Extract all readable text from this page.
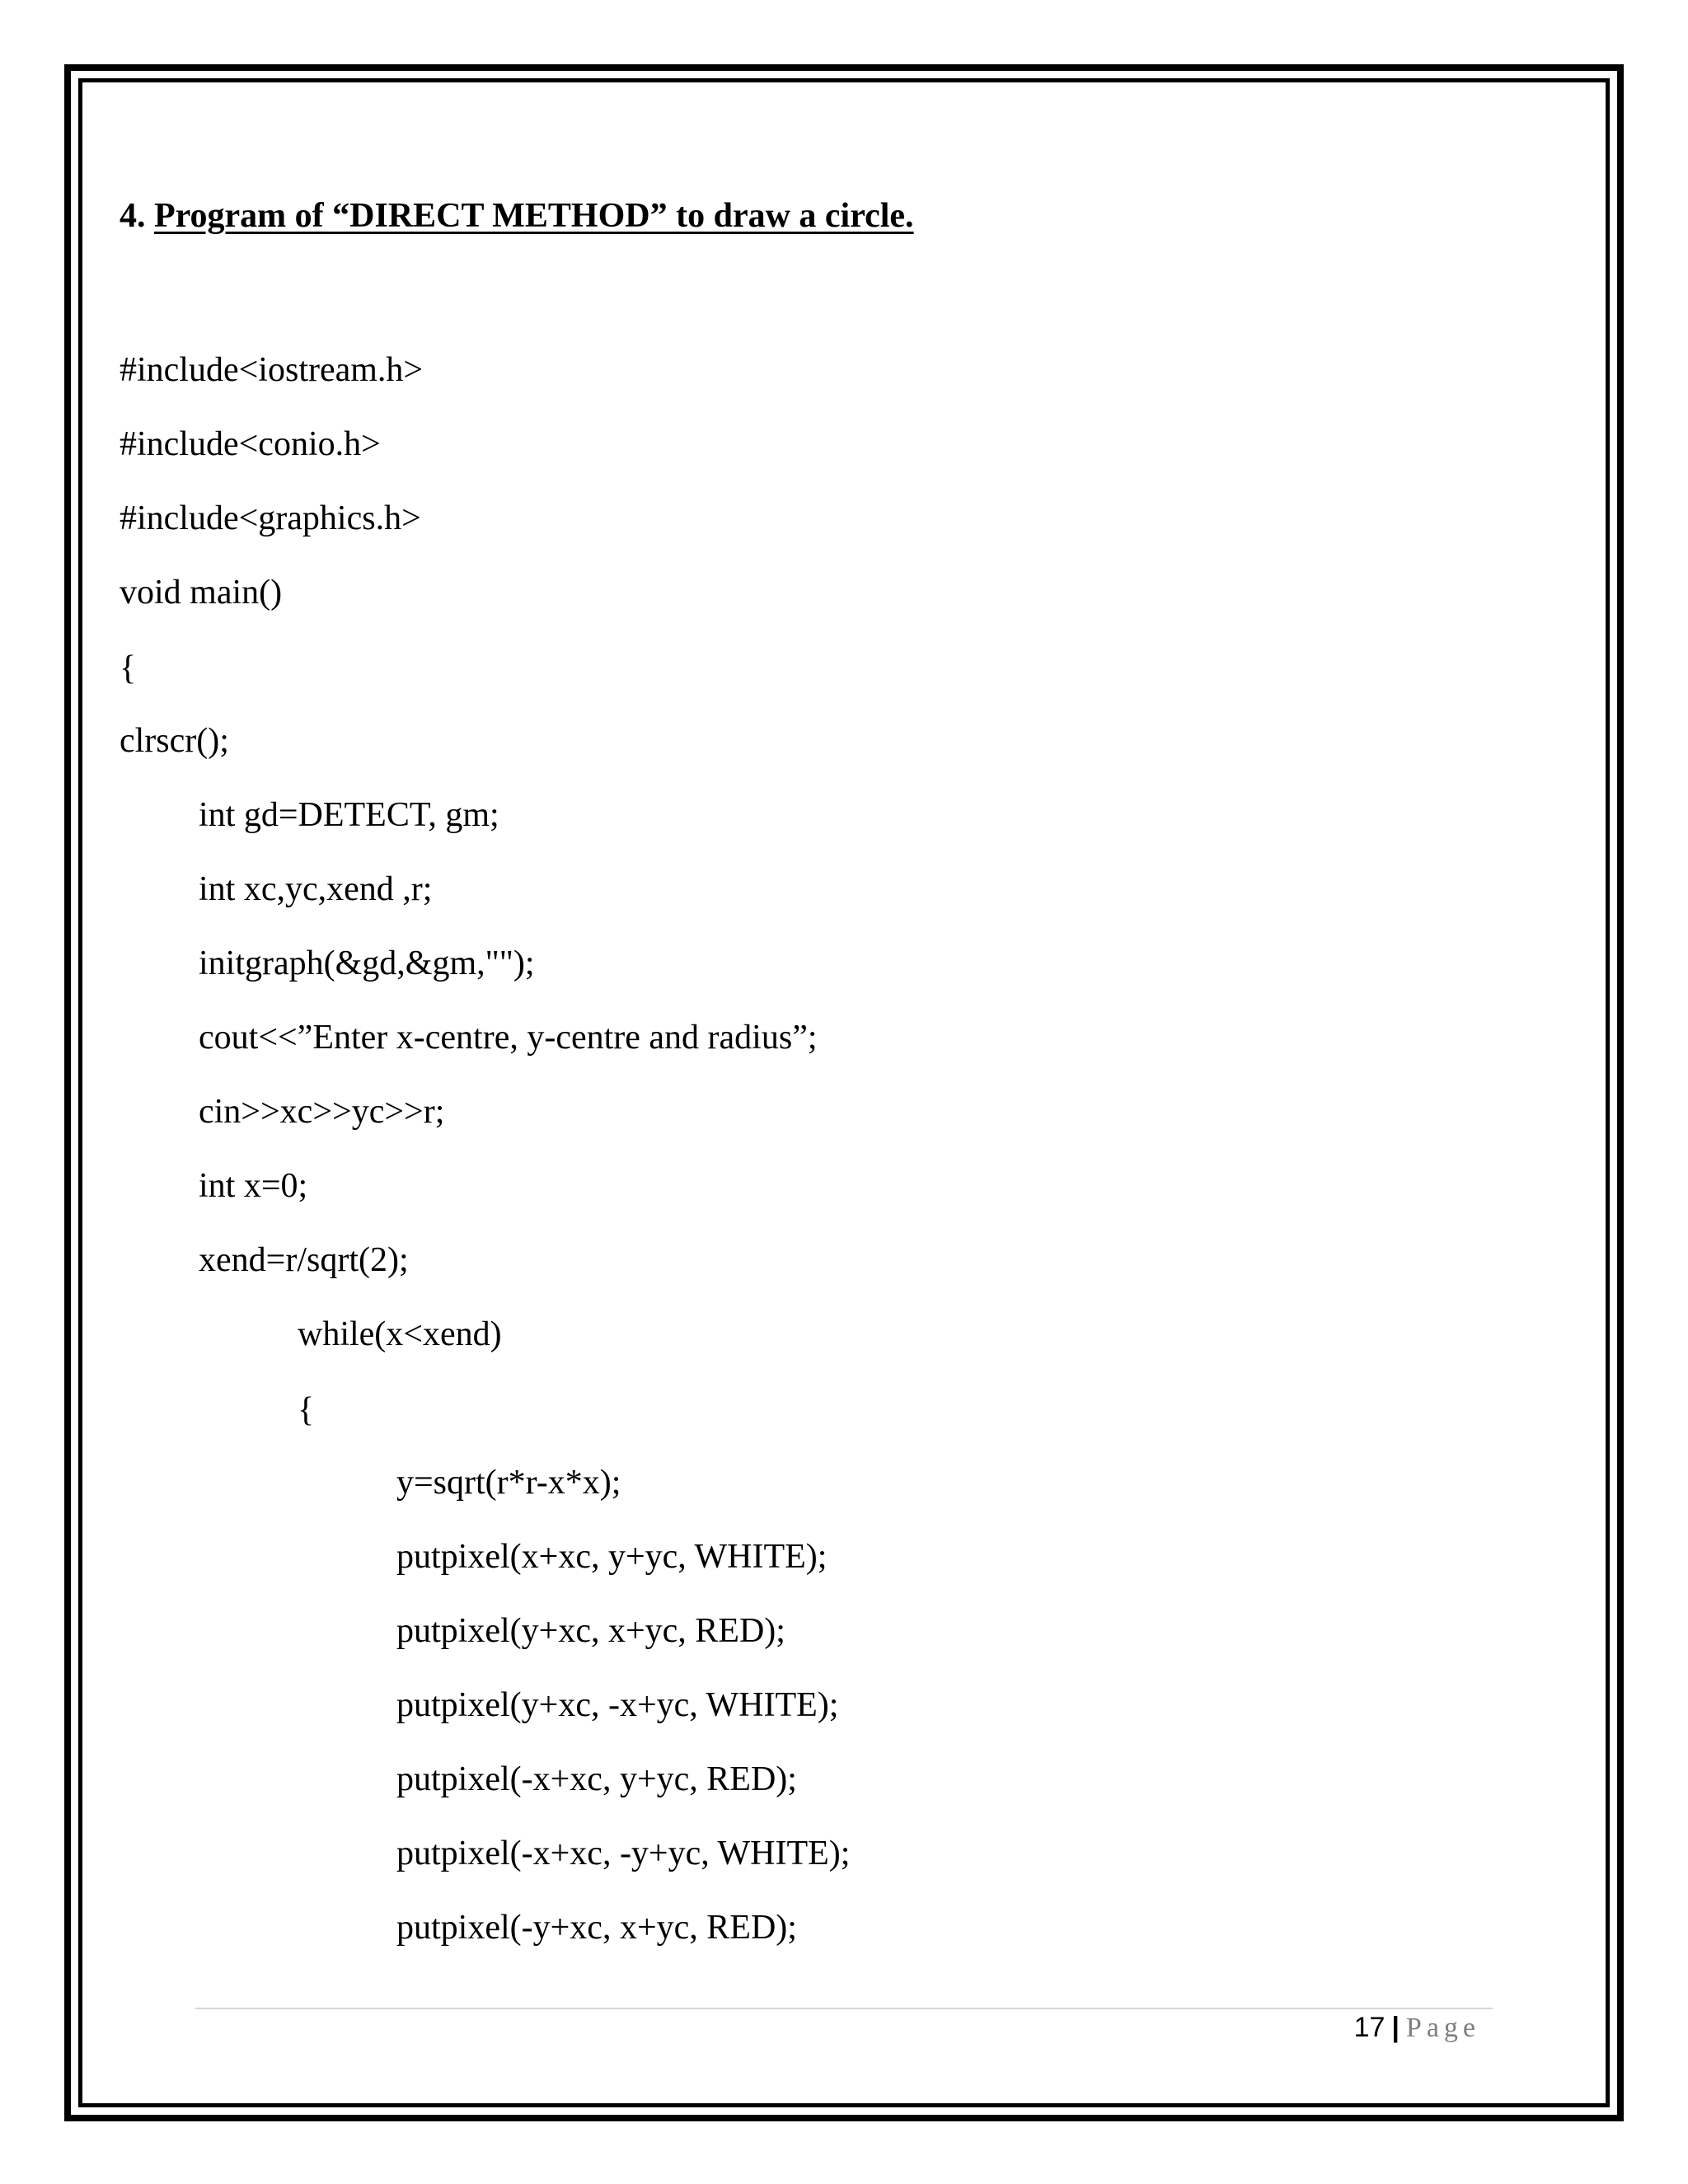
4. Program of “DIRECT METHOD” to draw a circle.
#include<iostream.h>
#include<conio.h>
#include<graphics.h>
void main()
{
clrscr();
int gd=DETECT, gm;
int xc,yc,xend ,r;
initgraph(&gd,&gm,"");
cout<<”Enter x-centre, y-centre and radius”;
cin>>xc>>yc>>r;
int x=0;
xend=r/sqrt(2);
while(x<xend)
{
y=sqrt(r*r-x*x);
putpixel(x+xc, y+yc, WHITE);
putpixel(y+xc, x+yc, RED);
putpixel(y+xc, -x+yc, WHITE);
putpixel(-x+xc, y+yc, RED);
putpixel(-x+xc, -y+yc, WHITE);
putpixel(-y+xc, x+yc, RED);
17 | Page
